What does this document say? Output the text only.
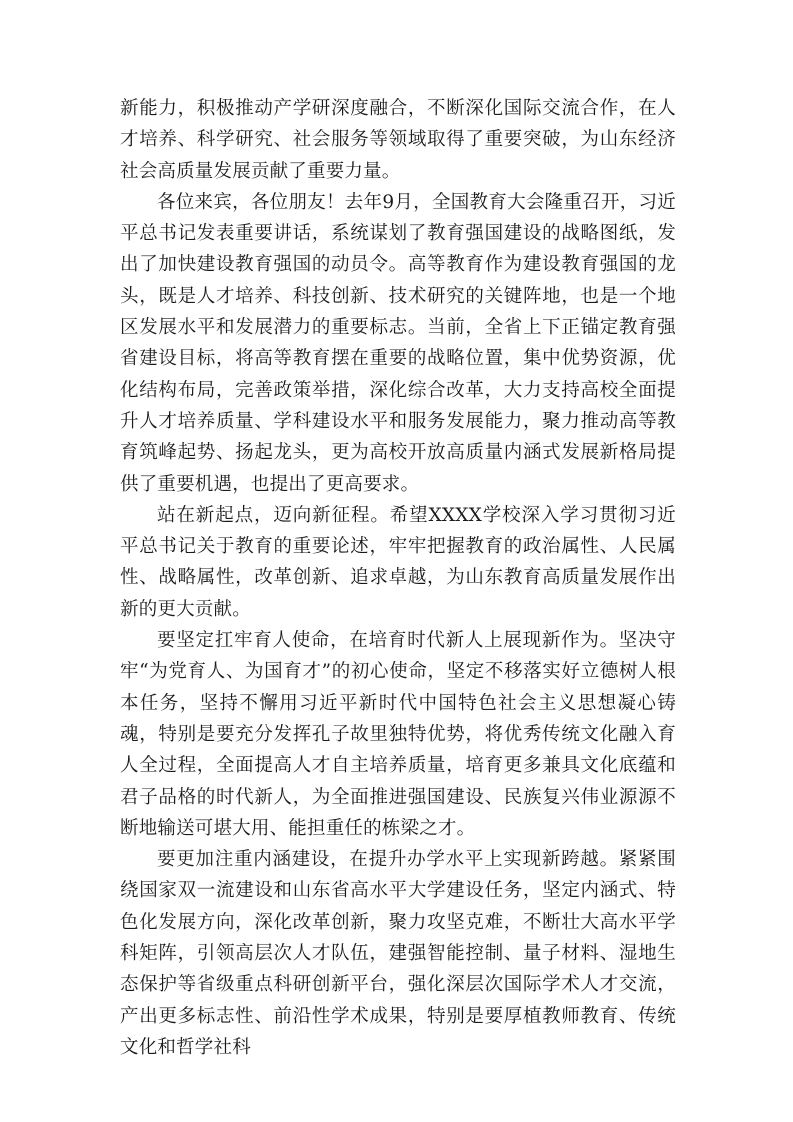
新能力，积极推动产学研深度融合，不断深化国际交流合作，在人才培养、科学研究、社会服务等领域取得了重要突破，为山东经济社会高质量发展贡献了重要力量。

各位来宾，各位朋友！去年9月，全国教育大会隆重召开，习近平总书记发表重要讲话，系统谋划了教育强国建设的战略图纸，发出了加快建设教育强国的动员令。高等教育作为建设教育强国的龙头，既是人才培养、科技创新、技术研究的关键阵地，也是一个地区发展水平和发展潜力的重要标志。当前，全省上下正锚定教育强省建设目标，将高等教育摆在重要的战略位置，集中优势资源，优化结构布局，完善政策举措，深化综合改革，大力支持高校全面提升人才培养质量、学科建设水平和服务发展能力，聚力推动高等教育筑峰起势、扬起龙头，更为高校开放高质量内涵式发展新格局提供了重要机遇，也提出了更高要求。

站在新起点，迈向新征程。希望XXXX学校深入学习贯彻习近平总书记关于教育的重要论述，牢牢把握教育的政治属性、人民属性、战略属性，改革创新、追求卓越，为山东教育高质量发展作出新的更大贡献。

要坚定扛牢育人使命，在培育时代新人上展现新作为。坚决守牢“为党育人、为国育才”的初心使命，坚定不移落实好立德树人根本任务，坚持不懈用习近平新时代中国特色社会主义思想凝心铸魂，特别是要充分发挥孔子故里独特优势，将优秀传统文化融入育人全过程，全面提高人才自主培养质量，培育更多兼具文化底蕴和君子品格的时代新人，为全面推进强国建设、民族复兴伟业源源不断地输送可堪大用、能担重任的栋梁之才。

要更加注重内涵建设，在提升办学水平上实现新跨越。紧紧围绕国家双一流建设和山东省高水平大学建设任务，坚定内涵式、特色化发展方向，深化改革创新，聚力攻坚克难，不断壮大高水平学科矩阵，引领高层次人才队伍，建强智能控制、量子材料、湿地生态保护等省级重点科研创新平台，强化深层次国际学术人才交流，产出更多标志性、前沿性学术成果，特别是要厚植教师教育、传统文化和哲学社科
